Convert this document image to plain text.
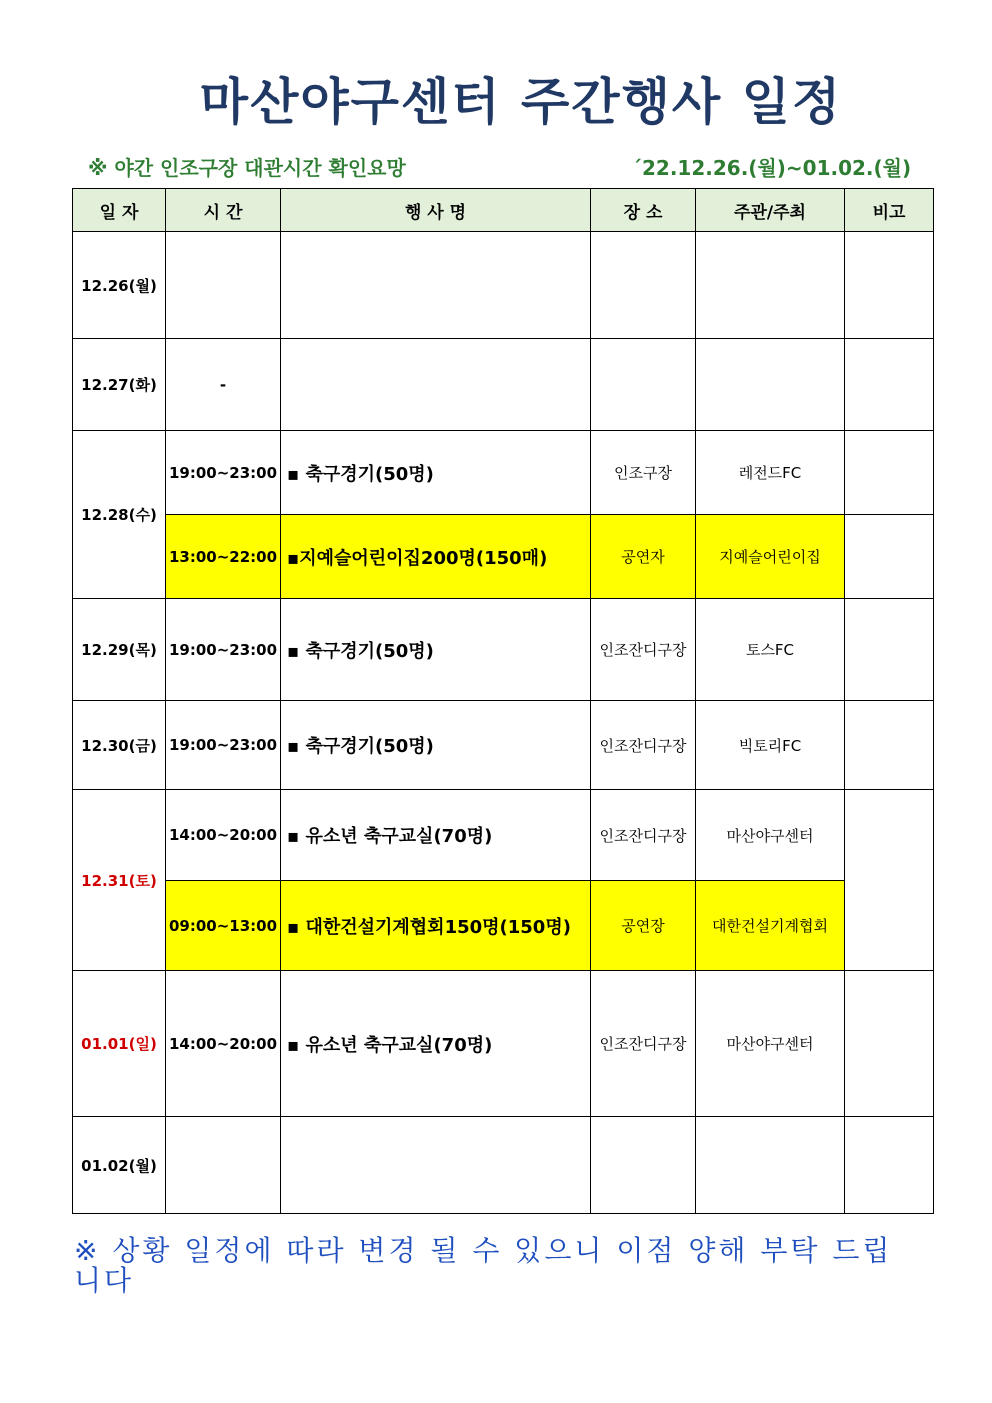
마산야구센터 주간행사 일정
※ 야간 인조구장 대관시간 확인요망	´22.12.26.(월)~01.02.(월)
일 자	시 간	행 사 명	장 소	주관/주최	비고
12.26(월)					
12.27(화)	-				
12.28(수)	19:00~23:00	▪ 축구경기(50명)	인조구장	레전드FC	
	13:00~22:00	▪지예슬어린이집200명(150매)	공연자	지예슬어린이집	
12.29(목)	19:00~23:00	▪ 축구경기(50명)	인조잔디구장	토스FC	
12.30(금)	19:00~23:00	▪ 축구경기(50명)	인조잔디구장	빅토리FC	
12.31(토)	14:00~20:00	▪ 유소년 축구교실(70명)	인조잔디구장	마산야구센터	
	09:00~13:00	▪ 대한건설기계협회150명(150명)	공연장	대한건설기계협회	
01.01(일)	14:00~20:00	▪ 유소년 축구교실(70명)	인조잔디구장	마산야구센터	
01.02(월)					
※ 상황 일정에 따라 변경 될 수 있으니 이점 양해 부탁 드립니다
